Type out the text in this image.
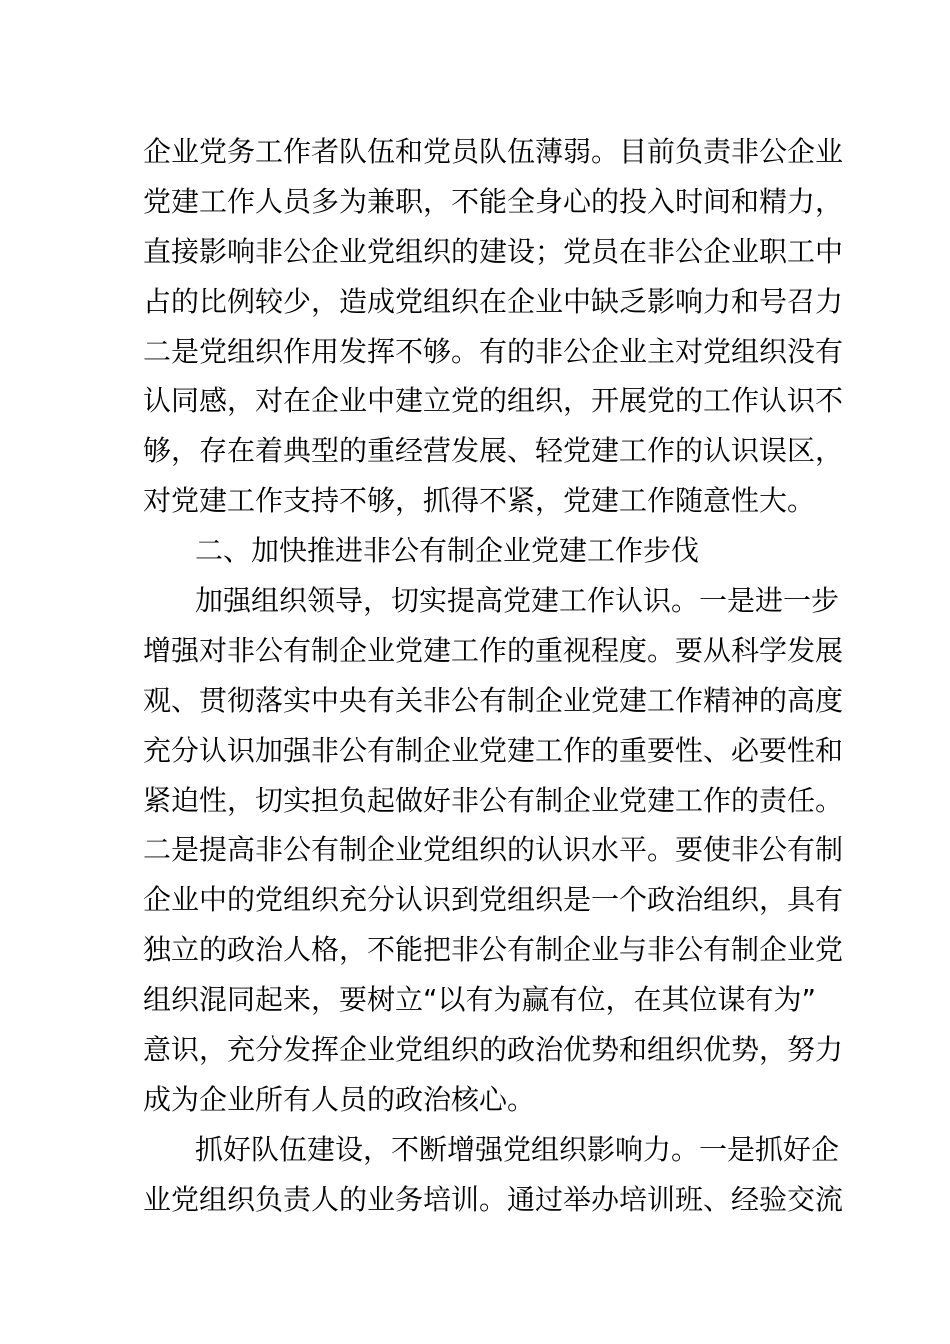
企业党务工作者队伍和党员队伍薄弱。目前负责非公企业
党建工作人员多为兼职，不能全身心的投入时间和精力，
直接影响非公企业党组织的建设；党员在非公企业职工中
占的比例较少，造成党组织在企业中缺乏影响力和号召力
二是党组织作用发挥不够。有的非公企业主对党组织没有
认同感，对在企业中建立党的组织，开展党的工作认识不
够，存在着典型的重经营发展、轻党建工作的认识误区，
对党建工作支持不够，抓得不紧，党建工作随意性大。
二、加快推进非公有制企业党建工作步伐
加强组织领导，切实提高党建工作认识。一是进一步
增强对非公有制企业党建工作的重视程度。要从科学发展
观、贯彻落实中央有关非公有制企业党建工作精神的高度
充分认识加强非公有制企业党建工作的重要性、必要性和
紧迫性，切实担负起做好非公有制企业党建工作的责任。
二是提高非公有制企业党组织的认识水平。要使非公有制
企业中的党组织充分认识到党组织是一个政治组织，具有
独立的政治人格，不能把非公有制企业与非公有制企业党
组织混同起来，要树立“以有为赢有位，在其位谋有为”
意识，充分发挥企业党组织的政治优势和组织优势，努力
成为企业所有人员的政治核心。
抓好队伍建设，不断增强党组织影响力。一是抓好企
业党组织负责人的业务培训。通过举办培训班、经验交流
